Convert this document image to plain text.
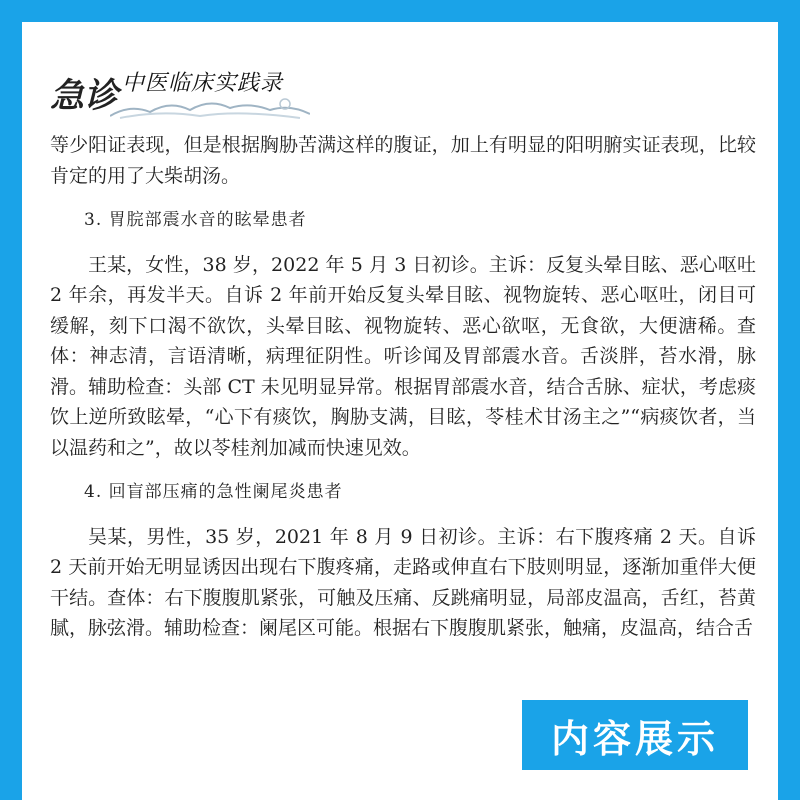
急诊 中医临床实践录

等少阳证表现，但是根据胸胁苦满这样的腹证，加上有明显的阳明腑实证表现，比较肯定的用了大柴胡汤。

3. 胃脘部震水音的眩晕患者

王某，女性，38 岁，2022 年 5 月 3 日初诊。主诉：反复头晕目眩、恶心呕吐 2 年余，再发半天。自诉 2 年前开始反复头晕目眩、视物旋转、恶心呕吐，闭目可缓解，刻下口渴不欲饮，头晕目眩、视物旋转、恶心欲呕，无食欲，大便溏稀。查体：神志清，言语清晰，病理征阴性。听诊闻及胃部震水音。舌淡胖，苔水滑，脉滑。辅助检查：头部 CT 未见明显异常。根据胃部震水音，结合舌脉、症状，考虑痰饮上逆所致眩晕，“心下有痰饮，胸胁支满，目眩，苓桂术甘汤主之”“病痰饮者，当以温药和之”，故以苓桂剂加减而快速见效。

4. 回盲部压痛的急性阑尾炎患者

吴某，男性，35 岁，2021 年 8 月 9 日初诊。主诉：右下腹疼痛 2 天。自诉 2 天前开始无明显诱因出现右下腹疼痛，走路或伸直右下肢则明显，逐渐加重伴大便干结。查体：右下腹腹肌紧张，可触及压痛、反跳痛明显，局部皮温高，舌红，苔黄腻，脉弦滑。辅助检查：阑尾区可能。根据右下腹腹肌紧张，触痛，皮温高，结合舌

内容展示
